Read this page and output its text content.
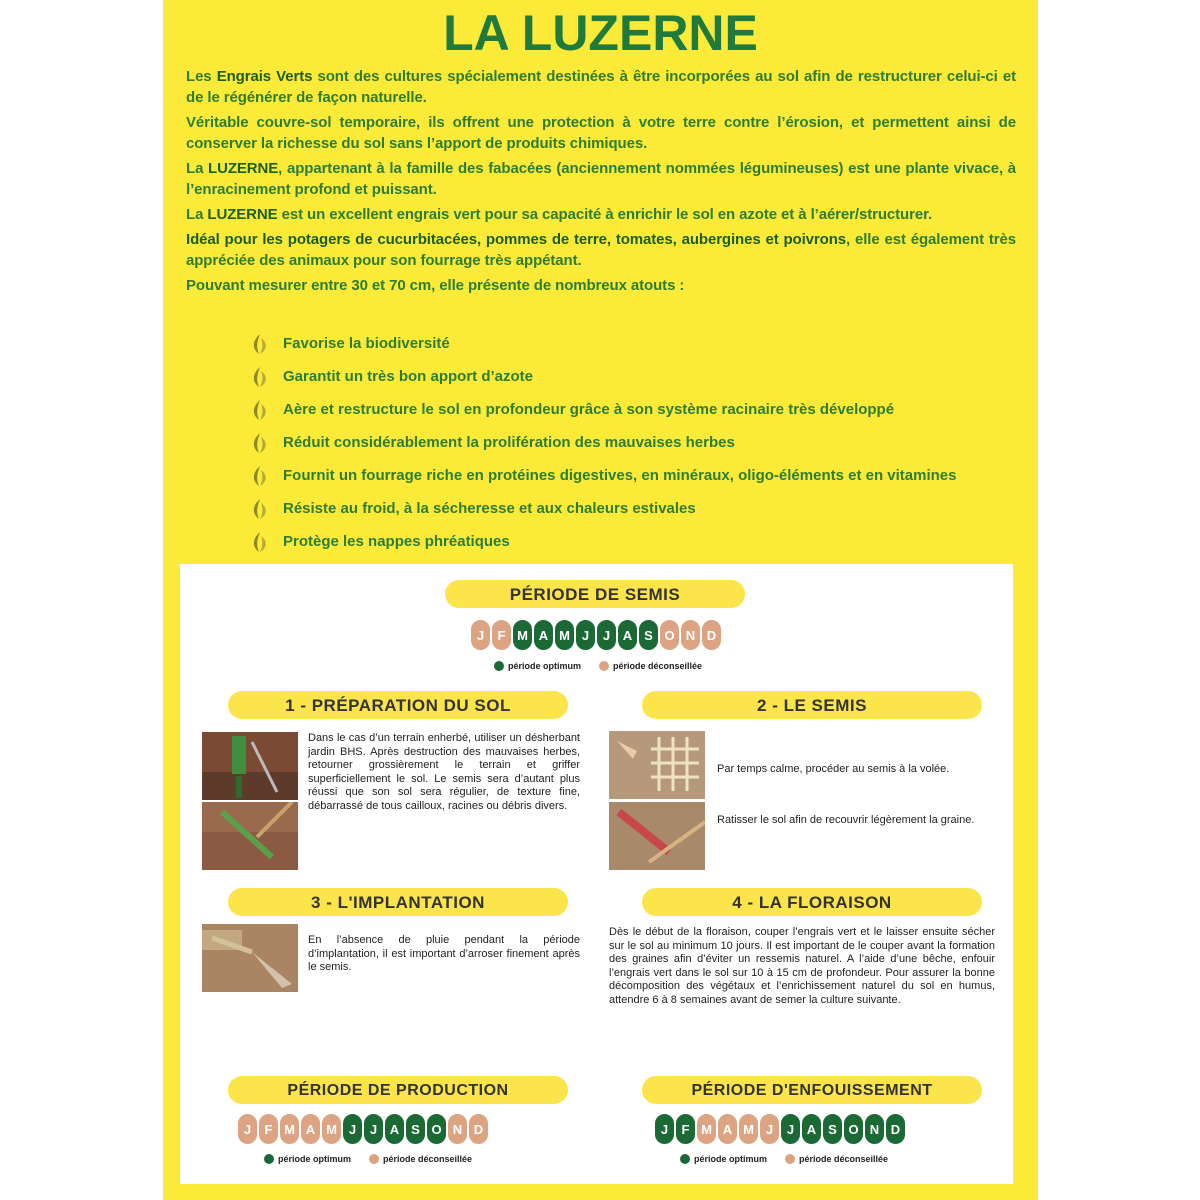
LA LUZERNE

Les Engrais Verts sont des cultures spécialement destinées à être incorporées au sol afin de restructurer celui-ci et de le régénérer de façon naturelle.

Véritable couvre-sol temporaire, ils offrent une protection à votre terre contre l’érosion, et permettent ainsi de conserver la richesse du sol sans l’apport de produits chimiques.

La LUZERNE, appartenant à la famille des fabacées (anciennement nommées légumineuses) est une plante vivace, à l’enracinement profond et puissant.

La LUZERNE est un excellent engrais vert pour sa capacité à enrichir le sol en azote et à l’aérer/structurer.

Idéal pour les potagers de cucurbitacées, pommes de terre, tomates, aubergines et poivrons, elle est également très appréciée des animaux pour son fourrage très appétant.

Pouvant mesurer entre 30 et 70 cm, elle présente de nombreux atouts :

Favorise la biodiversité
Garantit un très bon apport d’azote
Aère et restructure le sol en profondeur grâce à son système racinaire très développé
Réduit considérablement la prolifération des mauvaises herbes
Fournit un fourrage riche en protéines digestives, en minéraux, oligo-éléments et en vitamines
Résiste au froid, à la sécheresse et aux chaleurs estivales
Protège les nappes phréatiques
PÉRIODE DE SEMIS
J	F M A M J	J A S O N D
période optimum	période déconseillée
1 - PRÉPARATION DU SOL
Dans le cas d’un terrain enherbé, utiliser un désherbant jardin BHS. Après destruction des mauvaises herbes, retourner grossièrement le terrain et griffer superficiellement le sol. Le semis sera d’autant plus réussi que son sol sera régulier, de texture fine, débarrassé de tous cailloux, racines ou débris divers.
2 - LE SEMIS
Par temps calme, procéder au semis à la volée.
Ratisser le sol afin de recouvrir légèrement la graine.
3 - L'IMPLANTATION
En l’absence de pluie pendant la période d’implantation, il est important d’arroser finement après le semis.
4 - LA FLORAISON
Dès le début de la floraison, couper l’engrais vert et le laisser ensuite sécher sur le sol au minimum 10 jours. Il est important de le couper avant la formation des graines afin d’éviter un ressemis naturel. A l’aide d’une bêche, enfouir l’engrais vert dans le sol sur 10 à 15 cm de profondeur. Pour assurer la bonne décomposition des végétaux et l’enrichissement naturel du sol en humus, attendre 6 à 8 semaines avant de semer la culture suivante.
PÉRIODE DE PRODUCTION
J	F M A M J	J A S O N D
période optimum	période déconseillée
PÉRIODE D'ENFOUISSEMENT
J	F M A M J	J A S O N D
période optimum	période déconseillée
